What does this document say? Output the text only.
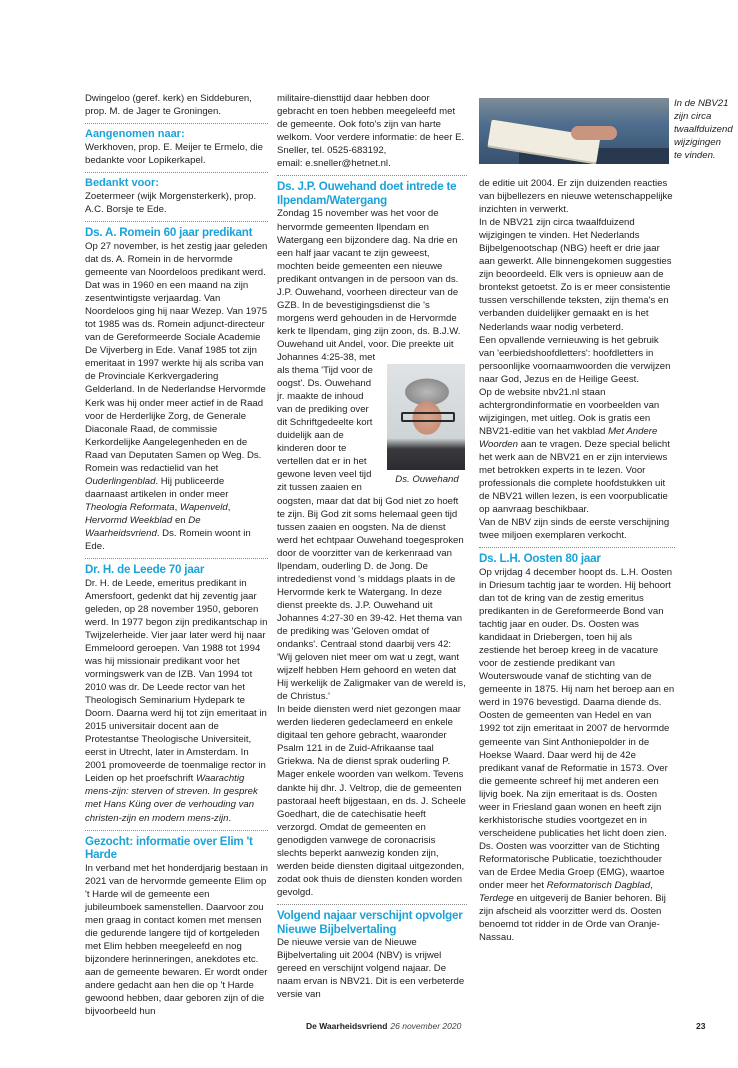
Dwingeloo (geref. kerk) en Siddeburen, prop. M. de Jager te Groningen.

Aangenomen naar:

Werkhoven, prop. E. Meijer te Ermelo, die bedankte voor Lopikerkapel.

Bedankt voor:

Zoetermeer (wijk Morgensterkerk), prop. A.C. Borsje te Ede.

Ds. A. Romein 60 jaar predikant

Op 27 november, is het zestig jaar geleden dat ds. A. Romein in de hervormde gemeente van Noordeloos predikant werd. Dat was in 1960 en een maand na zijn zesentwintigste verjaardag. Van Noordeloos ging hij naar Wezep. Van 1975 tot 1985 was ds. Romein adjunct-directeur van de Gereformeerde Sociale Academie De Vijverberg in Ede. Vanaf 1985 tot zijn emeritaat in 1997 werkte hij als scriba van de Provinciale Kerkvergadering Gelderland. In de Nederlandse Hervormde Kerk was hij onder meer actief in de Raad voor de Herderlijke Zorg, de Generale Diaconale Raad, de commissie Kerkordelijke Aangelegenheden en de Raad van Deputaten Samen op Weg. Ds. Romein was redactielid van het Ouderlingenblad. Hij publiceerde daarnaast artikelen in onder meer Theologia Reformata, Wapenveld, Hervormd Weekblad en De Waarheidsvriend. Ds. Romein woont in Ede.

Dr. H. de Leede 70 jaar

Dr. H. de Leede, emeritus predikant in Amersfoort, gedenkt dat hij zeventig jaar geleden, op 28 november 1950, geboren werd. In 1977 begon zijn predikantschap in Twijzelerheide. Vier jaar later werd hij naar Emmeloord geroepen. Van 1988 tot 1994 was hij missionair predikant voor het vormingswerk van de IZB. Van 1994 tot 2010 was dr. De Leede rector van het Theologisch Seminarium Hydepark te Doorn. Daarna werd hij tot zijn emeritaat in 2015 universitair docent aan de Protestantse Theologische Universiteit, eerst in Utrecht, later in Amsterdam. In 2001 promoveerde de toenmalige rector in Leiden op het proefschrift Waarachtig mens-zijn: sterven of streven. In gesprek met Hans Küng over de verhouding van christen-zijn en modern mens-zijn.

Gezocht: informatie over Elim 't Harde

In verband met het honderdjarig bestaan in 2021 van de hervormde gemeente Elim op 't Harde wil de gemeente een jubileumboek samenstellen. Daarvoor zou men graag in contact komen met mensen die gedurende langere tijd of kortgeleden met Elim hebben meegeleefd en nog bijzondere herinneringen, anekdotes etc. aan de gemeente bewaren. Er wordt onder andere gedacht aan hen die op 't Harde gewoond hebben, daar geboren zijn of die bijvoorbeeld hun

militaire-diensttijd daar hebben door gebracht en toen hebben meegeleefd met de gemeente. Ook foto's zijn van harte welkom. Voor verdere informatie: de heer E. Sneller, tel. 0525-683192,

email: e.sneller@hetnet.nl.

Ds. J.P. Ouwehand doet intrede te Ilpendam/Watergang

Zondag 15 november was het voor de hervormde gemeenten Ilpendam en Watergang een bijzondere dag. Na drie en een half jaar vacant te zijn geweest, mochten beide gemeenten een nieuwe predikant ontvangen in de persoon van ds. J.P. Ouwehand, voorheen directeur van de GZB. In de bevestigingsdienst die 's morgens werd gehouden in de Hervormde kerk te Ilpendam, ging zijn zoon, ds. B.J.W. Ouwehand uit Andel, voor. Die preekte uit Johannes 4:25-38, met

Ds. Ouwehand

als thema 'Tijd voor de oogst'. Ds. Ouwehand jr. maakte de inhoud van de prediking over dit Schriftgedeelte kort duidelijk aan de kinderen door te vertellen dat er in het gewone leven veel tijd zit tussen zaaien en oogsten, maar dat dat bij God niet zo hoeft te zijn. Bij God zit soms helemaal geen tijd tussen zaaien en oogsten. Na de dienst werd het echtpaar Ouwehand toegesproken door de voorzitter van de kerkenraad van Ilpendam, ouderling D. de Jong. De intrededienst vond 's middags plaats in de Hervormde kerk te Watergang. In deze dienst preekte ds. J.P. Ouwehand uit Johannes 4:27-30 en 39-42. Het thema van de prediking was 'Geloven omdat of ondanks'. Centraal stond daarbij vers 42: 'Wij geloven niet meer om wat u zegt, want wijzelf hebben Hem gehoord en weten dat Hij werkelijk de Zaligmaker van de wereld is, de Christus.'

In beide diensten werd niet gezongen maar werden liederen gedeclameerd en enkele digitaal ten gehore gebracht, waaronder Psalm 121 in de Zuid-Afrikaanse taal Griekwa. Na de dienst sprak ouderling P. Mager enkele woorden van welkom. Tevens dankte hij dhr. J. Veltrop, die de gemeenten pastoraal heeft bijgestaan, en ds. J. Scheele Goedhart, die de catechisatie heeft verzorgd. Omdat de gemeenten en genodigden vanwege de coronacrisis slechts beperkt aanwezig konden zijn, werden beide diensten digitaal uitgezonden, zodat ook thuis de diensten konden worden gevolgd.

Volgend najaar verschijnt opvolger Nieuwe Bijbelvertaling

De nieuwe versie van de Nieuwe Bijbelvertaling uit 2004 (NBV) is vrijwel gereed en verschijnt volgend najaar. De naam ervan is NBV21. Dit is een verbeterde versie van

In de NBV21 zijn circa twaalfduizend wijzigingen te vinden.

de editie uit 2004. Er zijn duizenden reacties van bijbellezers en nieuwe wetenschappelijke inzichten in verwerkt.

In de NBV21 zijn circa twaalfduizend wijzigingen te vinden. Het Nederlands Bijbelgenootschap (NBG) heeft er drie jaar aan gewerkt. Alle binnengekomen suggesties zijn beoordeeld. Elk vers is opnieuw aan de brontekst getoetst. Zo is er meer consistentie tussen verschillende teksten, zijn thema's en verbanden duidelijker gemaakt en is het Nederlands waar nodig verbeterd.

Een opvallende vernieuwing is het gebruik van 'eerbiedshoofdletters': hoofdletters in persoonlijke voornaamwoorden die verwijzen naar God, Jezus en de Heilige Geest.

Op de website nbv21.nl staan achtergrondinformatie en voorbeelden van wijzigingen, met uitleg. Ook is gratis een NBV21-editie van het vakblad Met Andere Woorden aan te vragen. Deze special belicht het werk aan de NBV21 en er zijn interviews met betrokken experts in te lezen. Voor professionals die complete hoofdstukken uit de NBV21 willen lezen, is een voorpublicatie op aanvraag beschikbaar.

Van de NBV zijn sinds de eerste verschijning twee miljoen exemplaren verkocht.

Ds. L.H. Oosten 80 jaar

Op vrijdag 4 december hoopt ds. L.H. Oosten in Driesum tachtig jaar te worden. Hij behoort dan tot de kring van de zestig emeritus predikanten in de Gereformeerde Bond van tachtig jaar en ouder. Ds. Oosten was kandidaat in Driebergen, toen hij als zestiende het beroep kreeg in de vacature voor de zestiende predikant van Wouterswoude vanaf de stichting van de gemeente in 1875. Hij nam het beroep aan en werd in 1976 bevestigd. Daarna diende ds. Oosten de gemeenten van Hedel en van 1992 tot zijn emeritaat in 2007 de hervormde gemeente van Sint Anthoniepolder in de Hoekse Waard. Daar werd hij de 42e predikant vanaf de Reformatie in 1573. Over die gemeente schreef hij met anderen een lijvig boek. Na zijn emeritaat is ds. Oosten weer in Friesland gaan wonen en heeft zijn kerkhistorische studies voortgezet en in verscheidene publicaties het licht doen zien. Ds. Oosten was voorzitter van de Stichting Reformatorische Publicatie, toezichthouder van de Erdee Media Groep (EMG), waartoe onder meer het Reformatorisch Dagblad, Terdege en uitgeverij de Banier behoren. Bij zijn afscheid als voorzitter werd ds. Oosten benoemd tot ridder in de Orde van Oranje-Nassau.

De Waarheidsvriend 26 november 2020	23
